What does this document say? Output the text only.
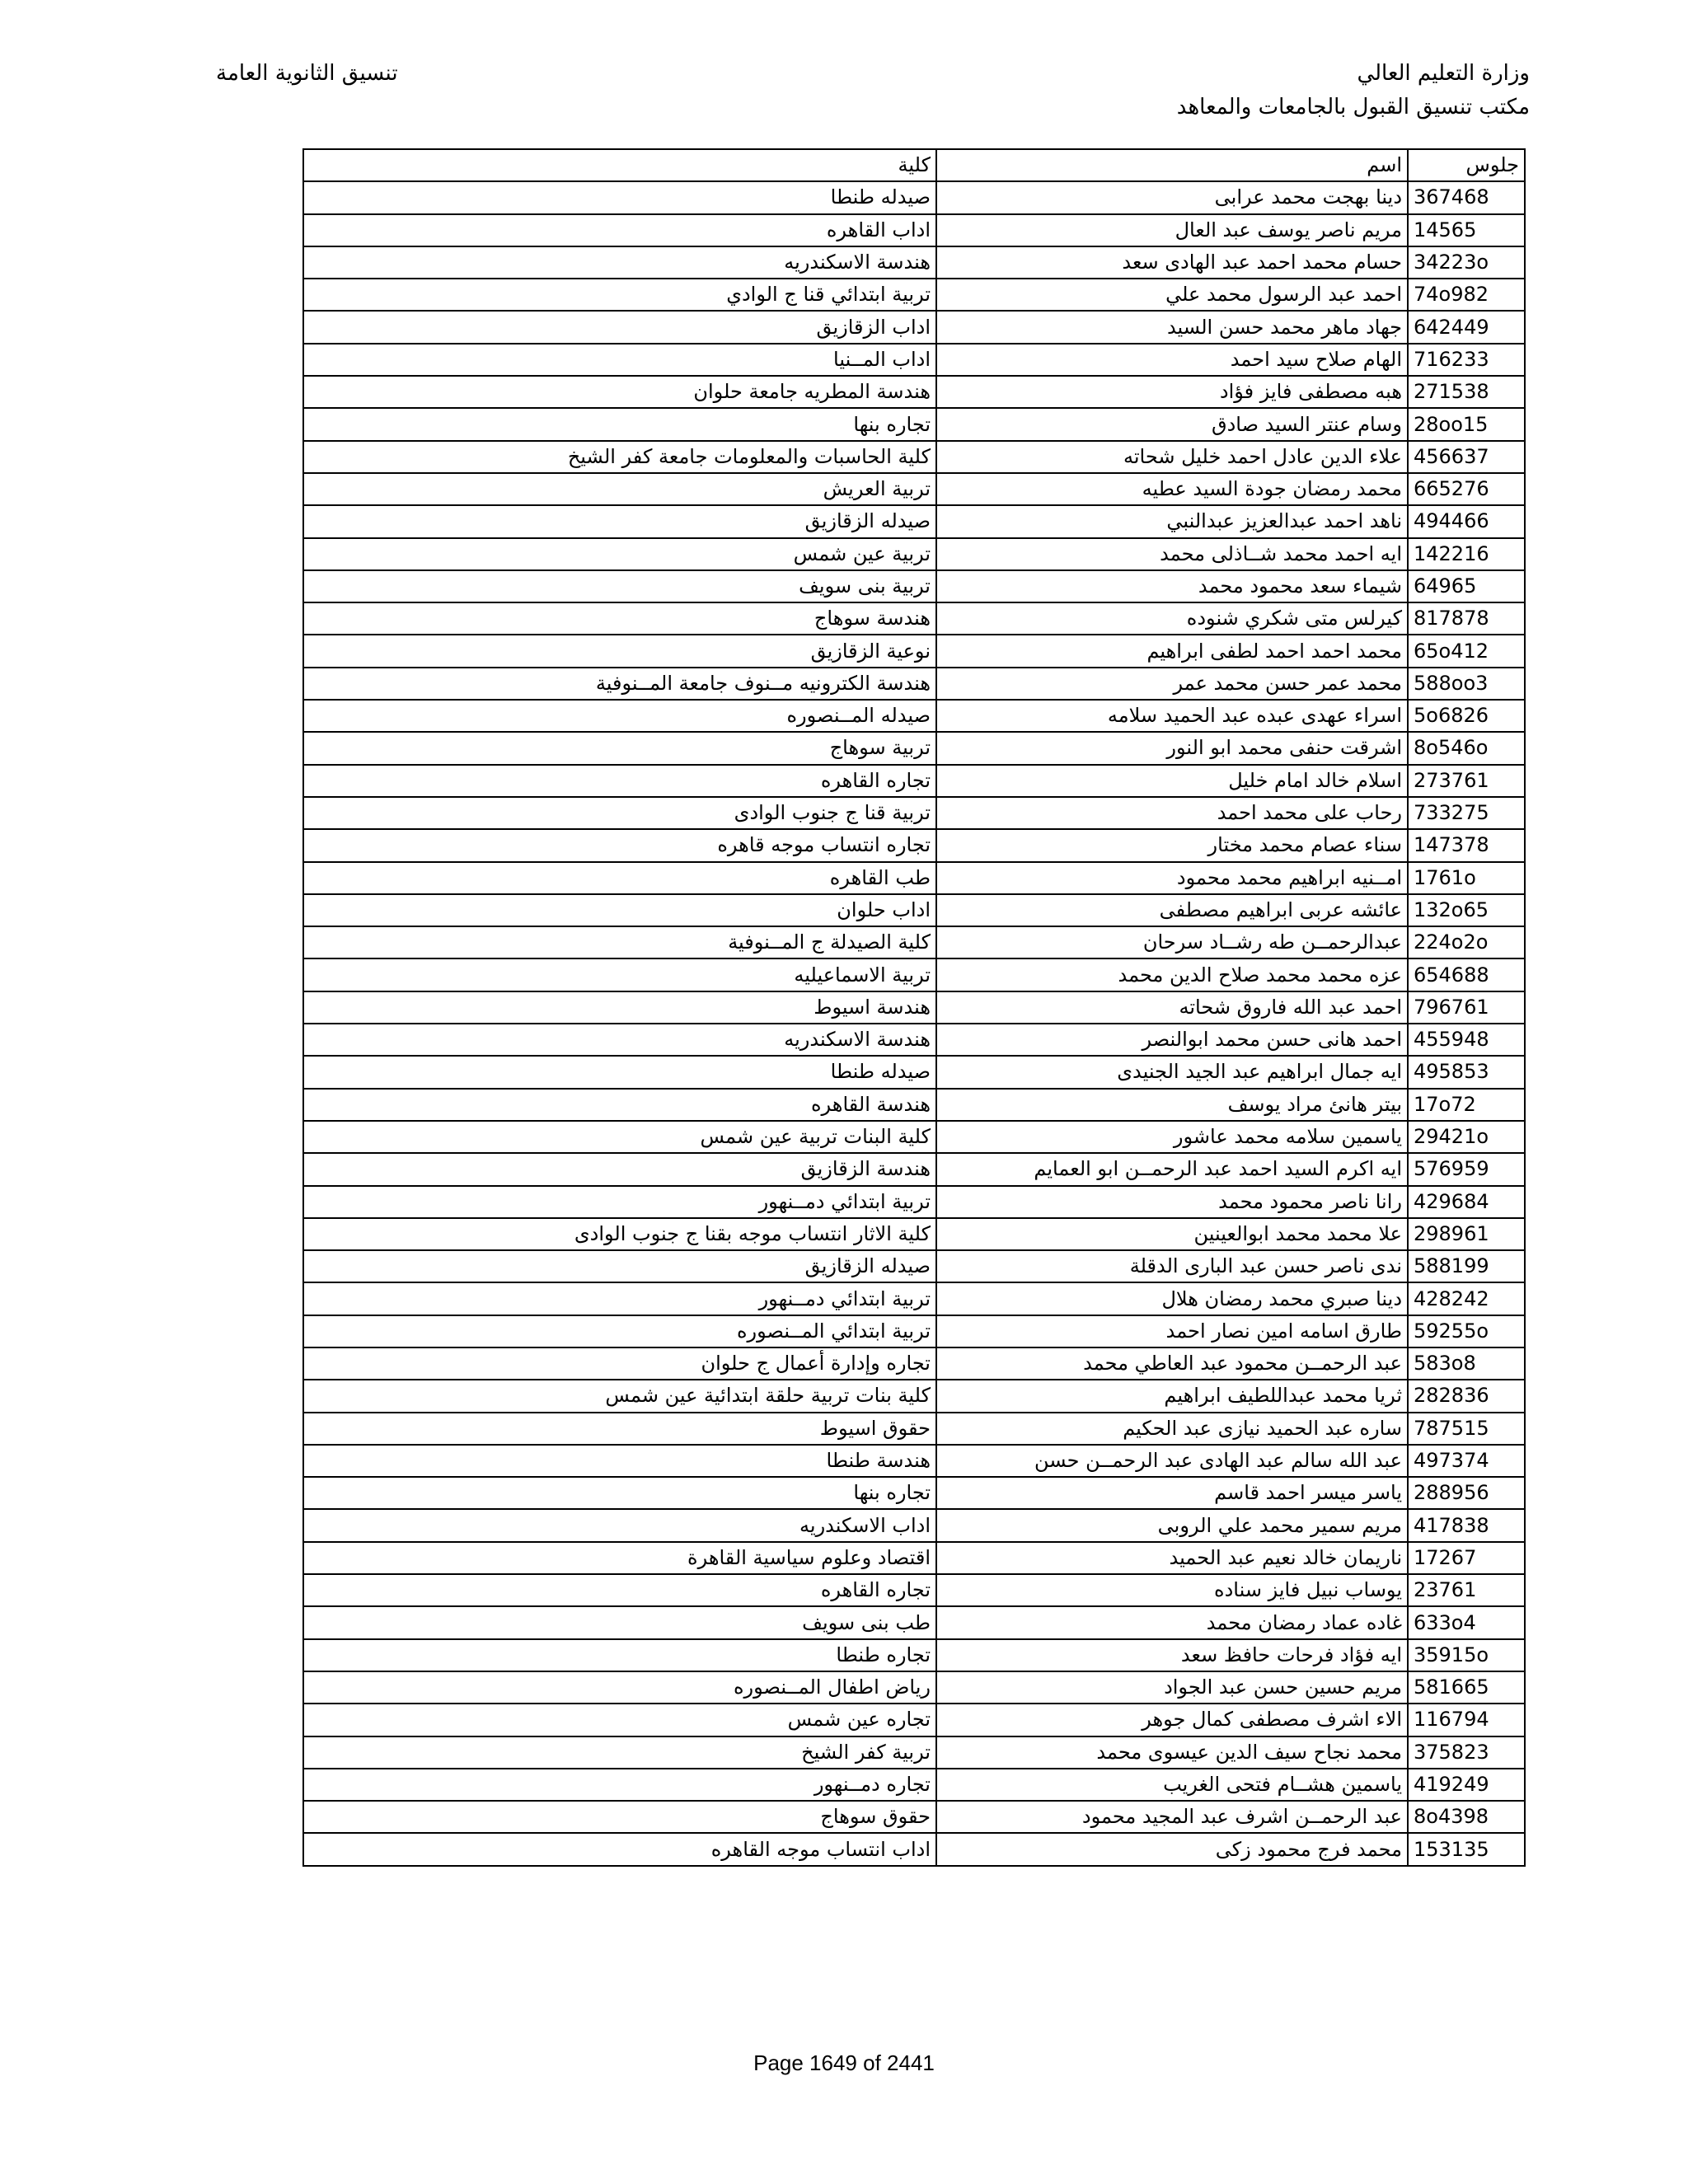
وزارة التعليم العالي
مكتب تنسيق القبول بالجامعات والمعاهد
تنسيق الثانوية العامة
جلوس	اسم	كلية
367468	دينا بهجت محمد عرابى	صيدله طنطا
14565	مريم ناصر يوسف عبد العال	اداب القاهره
34223o	حسام محمد احمد عبد الهادى سعد	هندسة الاسكندريه
74o982	احمد عبد الرسول محمد علي	تربية ابتدائي قنا ج الوادي
642449	جهاد ماهر محمد حسن السيد	اداب الزقازيق
716233	الهام صلاح سيد احمد	اداب المــنيا
271538	هبه مصطفى فايز فؤاد	هندسة المطريه جامعة حلوان
28oo15	وسام عنتر السيد صادق	تجاره بنها
456637	علاء الدين عادل احمد خليل شحاته	كلية الحاسبات والمعلومات جامعة كفر الشيخ
665276	محمد رمضان جودة السيد عطيه	تربية العريش
494466	ناهد احمد عبدالعزيز عبدالنبي	صيدله الزقازيق
142216	ايه احمد محمد شــاذلى محمد	تربية عين شمس
64965	شيماء سعد محمود محمد	تربية بنى سويف
817878	كيرلس متى شكري شنوده	هندسة سوهاج
65o412	محمد احمد احمد لطفى ابراهيم	نوعية الزقازيق
588oo3	محمد عمر حسن محمد عمر	هندسة الكترونيه مــنوف جامعة المــنوفية
5o6826	اسراء عهدى عبده عبد الحميد سلامه	صيدله المــنصوره
8o546o	اشرقت حنفى محمد ابو النور	تربية سوهاج
273761	اسلام خالد امام خليل	تجاره القاهره
733275	رحاب على محمد احمد	تربية قنا ج جنوب الوادى
147378	سناء عصام محمد مختار	تجاره انتساب موجه قاهره
1761o	امــنيه ابراهيم محمد محمود	طب القاهره
132o65	عائشه عربى ابراهيم مصطفى	اداب حلوان
224o2o	عبدالرحمــن طه رشــاد سرحان	كلية الصيدلة ج المــنوفية
654688	عزه محمد محمد صلاح الدين محمد	تربية الاسماعيليه
796761	احمد عبد الله فاروق شحاته	هندسة اسيوط
455948	احمد هانى حسن محمد ابوالنصر	هندسة الاسكندريه
495853	ايه جمال ابراهيم عبد الجيد الجنيدى	صيدله طنطا
17o72	بيتر هانئ مراد يوسف	هندسة القاهره
29421o	ياسمين سلامه محمد عاشور	كلية البنات تربية عين شمس
576959	ايه اكرم السيد احمد عبد الرحمــن ابو العمايم	هندسة الزقازيق
429684	رانا ناصر محمود محمد	تربية ابتدائي دمــنهور
298961	علا محمد محمد ابوالعينين	كلية الاثار انتساب موجه بقنا ج جنوب الوادى
588199	ندى ناصر حسن عبد البارى الدقلة	صيدله الزقازيق
428242	دينا صبري محمد رمضان هلال	تربية ابتدائي دمــنهور
59255o	طارق اسامه امين نصار احمد	تربية ابتدائي المــنصوره
583o8	عبد الرحمــن محمود عبد العاطي محمد	تجاره وإدارة أعمال ج حلوان
282836	ثريا محمد عبداللطيف ابراهيم	كلية بنات تربية حلقة ابتدائية عين شمس
787515	ساره عبد الحميد نيازى عبد الحكيم	حقوق اسيوط
497374	عبد الله سالم عبد الهادى عبد الرحمــن حسن	هندسة طنطا
288956	ياسر ميسر احمد قاسم	تجاره بنها
417838	مريم سمير محمد علي الروبى	اداب الاسكندريه
17267	ناريمان خالد نعيم عبد الحميد	اقتصاد وعلوم سياسية القاهرة
23761	يوساب نبيل فايز سناده	تجاره القاهره
633o4	غاده عماد رمضان محمد	طب بنى سويف
35915o	ايه فؤاد فرحات حافظ سعد	تجاره طنطا
581665	مريم حسين حسن عبد الجواد	رياض اطفال المــنصوره
116794	الاء اشرف مصطفى كمال جوهر	تجاره عين شمس
375823	محمد نجاح سيف الدين عيسوى محمد	تربية كفر الشيخ
419249	ياسمين هشــام فتحى الغريب	تجاره دمــنهور
8o4398	عبد الرحمــن اشرف عبد المجيد محمود	حقوق سوهاج
153135	محمد فرج محمود زكى	اداب انتساب موجه القاهره
Page 1649 of 2441
